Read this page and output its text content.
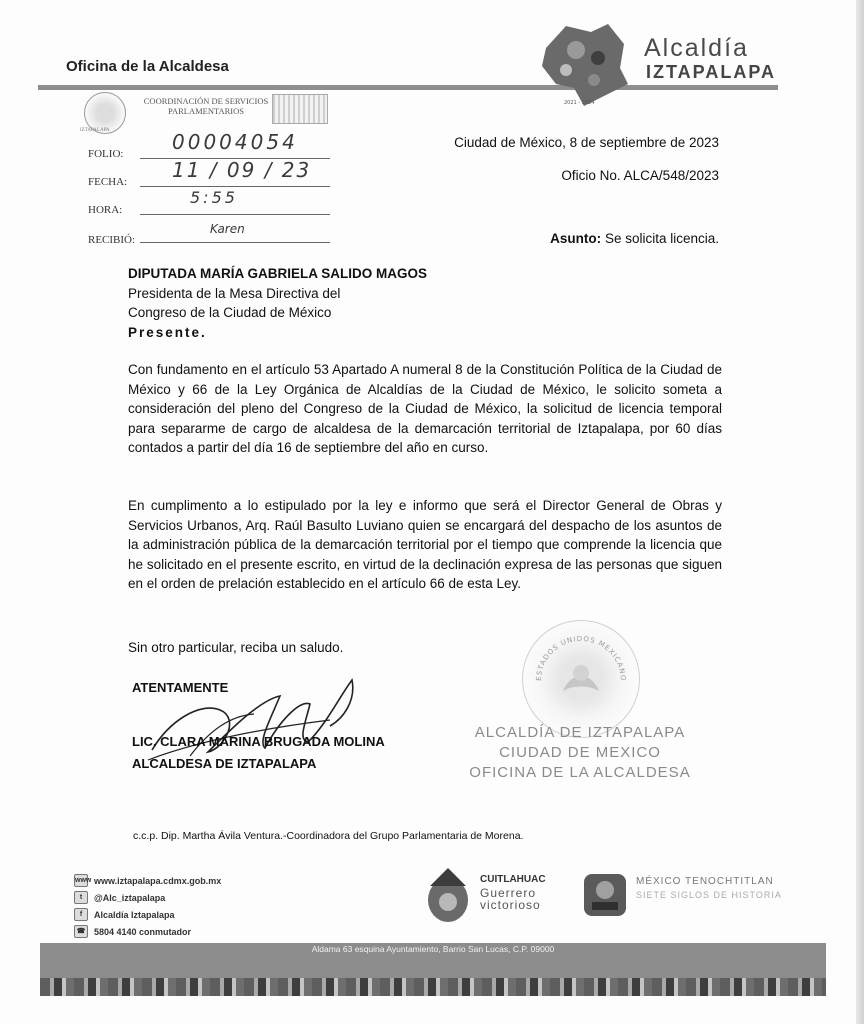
Oficina de la Alcaldesa
2021 - 2024
Alcaldía
IZTAPALAPA
IZTAPALAPA
COORDINACIÓN DE SERVICIOS PARLAMENTARIOS
FOLIO: 00004054
FECHA: 11 / 09 / 23
HORA:
5:55
RECIBIÓ:
Karen
Ciudad de México, 8 de septiembre de 2023
Oficio No. ALCA/548/2023
Asunto: Se solicita licencia.
DIPUTADA MARÍA GABRIELA SALIDO MAGOS
Presidenta de la Mesa Directiva del
Congreso de la Ciudad de México
Presente.
Con fundamento en el artículo 53 Apartado A numeral 8 de la Constitución Política de la Ciudad de México y 66 de la Ley Orgánica de Alcaldías de la Ciudad de México, le solicito someta a consideración del pleno del Congreso de la Ciudad de México, la solicitud de licencia temporal para separarme de cargo de alcaldesa de la demarcación territorial de Iztapalapa, por 60 días contados a partir del día 16 de septiembre del año en curso.
En cumplimento a lo estipulado por la ley e informo que será el Director General de Obras y Servicios Urbanos, Arq. Raúl Basulto Luviano quien se encargará del despacho de los asuntos de la administración pública de la demarcación territorial por el tiempo que comprende la licencia que he solicitado en el presente escrito, en virtud de la declinación expresa de las personas que siguen en el orden de prelación establecido en el artículo 66 de esta Ley.
Sin otro particular, reciba un saludo.
ATENTAMENTE
LIC. CLARA MARINA BRUGADA MOLINA
ALCALDESA DE IZTAPALAPA
ESTADOS UNIDOS MEXICANO
ALCALDÍA DE IZTAPALAPA
CIUDAD DE MEXICO
OFICINA DE LA ALCALDESA
c.c.p. Dip. Martha Ávila Ventura.-Coordinadora del Grupo Parlamentaria de Morena.
www www.iztapalapa.cdmx.gob.mx
t	@Alc_iztapalapa
f	Alcaldía Iztapalapa
☎ 5804 4140 conmutador
CUITLAHUAC
Guerrero
victorioso
MÉXICO TENOCHTITLAN
SIETE SIGLOS DE HISTORIA
Aldama 63 esquina Ayuntamiento, Barrio San Lucas, C.P. 09000
